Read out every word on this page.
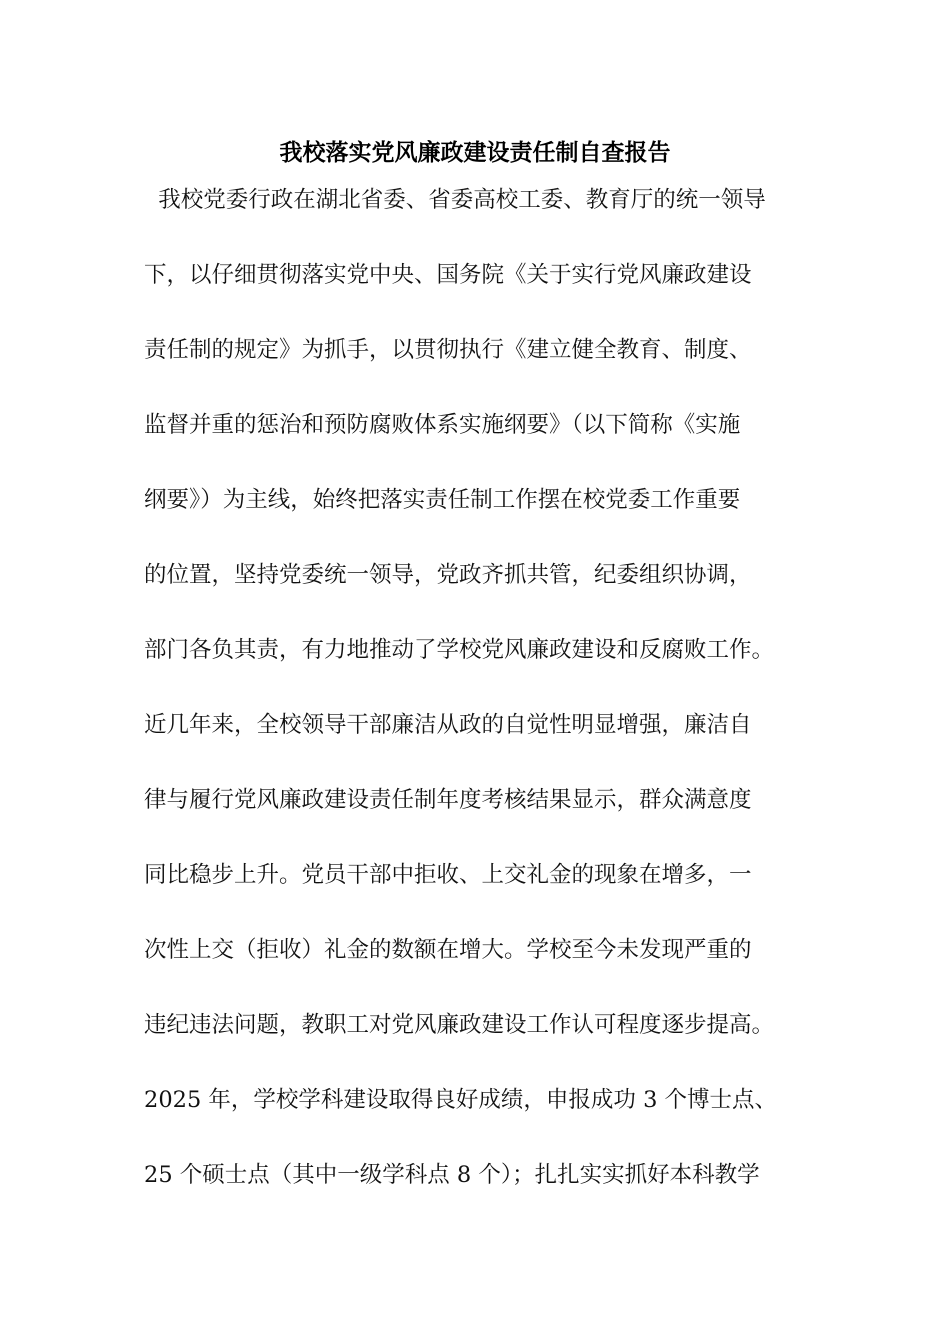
我校落实党风廉政建设责任制自查报告
我校党委行政在湖北省委、省委高校工委、教育厅的统一领导
下，以仔细贯彻落实党中央、国务院《关于实行党风廉政建设
责任制的规定》为抓手，以贯彻执行《建立健全教育、制度、
监督并重的惩治和预防腐败体系实施纲要》（以下简称《实施
纲要》）为主线，始终把落实责任制工作摆在校党委工作重要
的位置，坚持党委统一领导，党政齐抓共管，纪委组织协调，
部门各负其责，有力地推动了学校党风廉政建设和反腐败工作。
近几年来，全校领导干部廉洁从政的自觉性明显增强，廉洁自
律与履行党风廉政建设责任制年度考核结果显示，群众满意度
同比稳步上升。党员干部中拒收、上交礼金的现象在增多，一
次性上交（拒收）礼金的数额在增大。学校至今未发现严重的
违纪违法问题，教职工对党风廉政建设工作认可程度逐步提高。
2025 年，学校学科建设取得良好成绩，申报成功 3 个博士点、
25 个硕士点（其中一级学科点 8 个）；扎扎实实抓好本科教学
